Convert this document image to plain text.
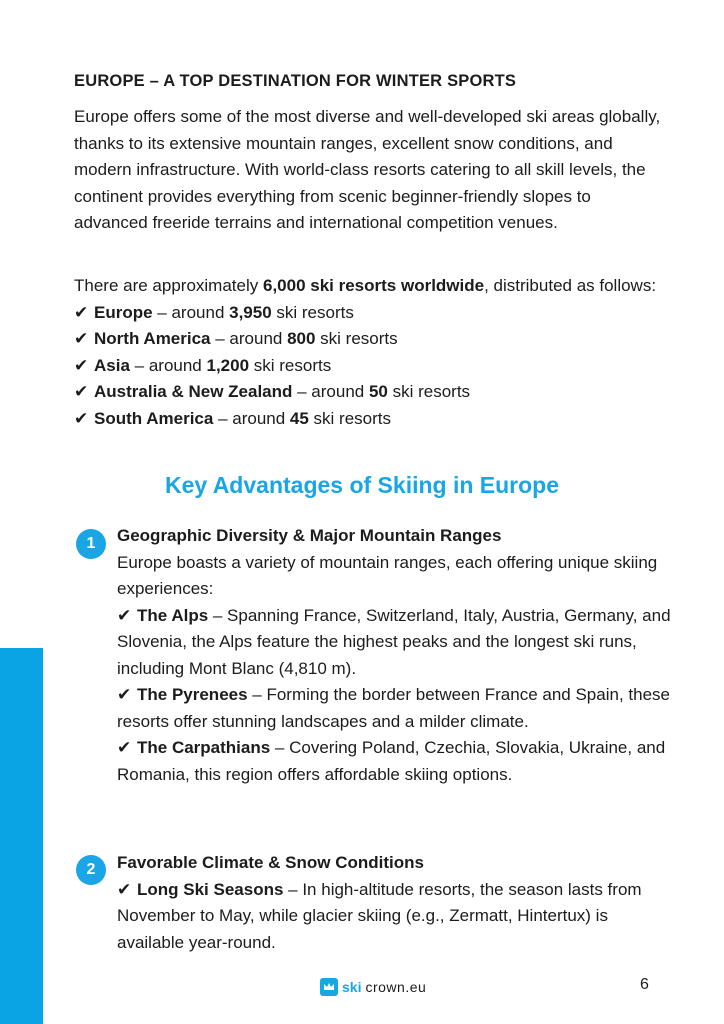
EUROPE – A TOP DESTINATION FOR WINTER SPORTS

Europe offers some of the most diverse and well-developed ski areas globally, thanks to its extensive mountain ranges, excellent snow conditions, and modern infrastructure. With world-class resorts catering to all skill levels, the continent provides everything from scenic beginner-friendly slopes to advanced freeride terrains and international competition venues.

There are approximately 6,000 ski resorts worldwide, distributed as follows:
✔ Europe – around 3,950 ski resorts
✔ North America – around 800 ski resorts
✔ Asia – around 1,200 ski resorts
✔ Australia & New Zealand – around 50 ski resorts
✔ South America – around 45 ski resorts
Key Advantages of Skiing in Europe
1	Geographic Diversity & Major Mountain Ranges
Europe boasts a variety of mountain ranges, each offering unique skiing experiences:
✔ The Alps – Spanning France, Switzerland, Italy, Austria, Germany, and Slovenia, the Alps feature the highest peaks and the longest ski runs, including Mont Blanc (4,810 m).
✔ The Pyrenees – Forming the border between France and Spain, these resorts offer stunning landscapes and a milder climate.
✔ The Carpathians – Covering Poland, Czechia, Slovakia, Ukraine, and Romania, this region offers affordable skiing options.
2	Favorable Climate & Snow Conditions
✔ Long Ski Seasons – In high-altitude resorts, the season lasts from November to May, while glacier skiing (e.g., Zermatt, Hintertux) is available year-round.
ski crown.eu	6
